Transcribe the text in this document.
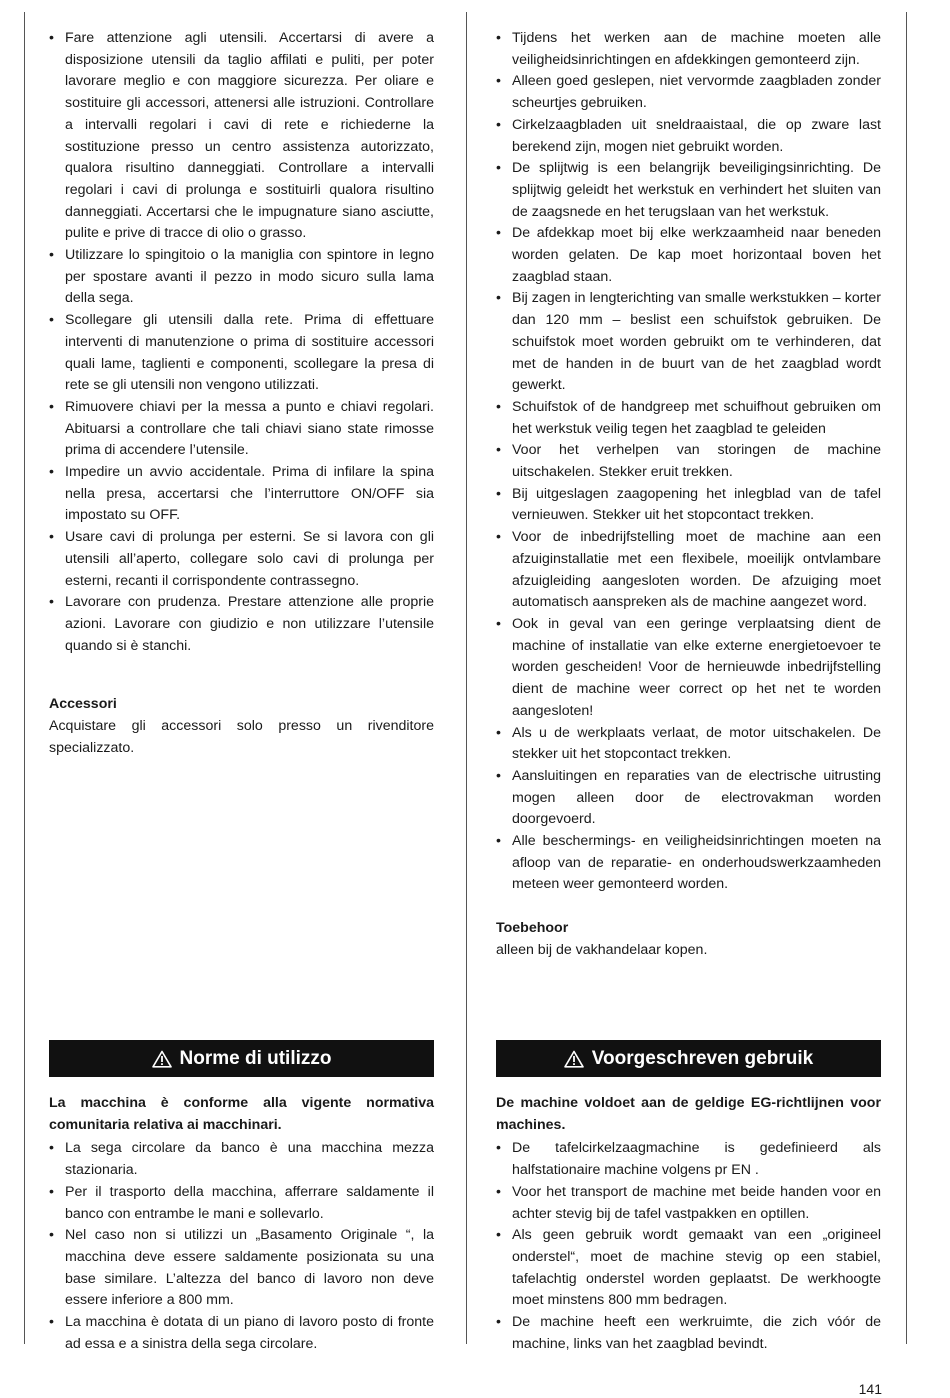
• Fare attenzione agli utensili. Accertarsi di avere a disposizione utensili da taglio affilati e puliti, per poter lavorare meglio e con maggiore sicurezza. Per oliare e sostituire gli accessori, attenersi alle istruzioni. Controllare a intervalli regolari i cavi di rete e richiederne la sostituzione presso un centro assistenza autorizzato, qualora risultino danneggiati. Controllare a intervalli regolari i cavi di prolunga e sostituirli qualora risultino danneggiati. Accertarsi che le impugnature siano asciutte, pulite e prive di tracce di olio o grasso.
• Utilizzare lo spingitoio o la maniglia con spintore in legno per spostare avanti il pezzo in modo sicuro sulla lama della sega.
• Scollegare gli utensili dalla rete. Prima di effettuare interventi di manutenzione o prima di sostituire accessori quali lame, taglienti e componenti, scollegare la presa di rete se gli utensili non vengono utilizzati.
• Rimuovere chiavi per la messa a punto e chiavi regolari. Abituarsi a controllare che tali chiavi siano state rimosse prima di accendere l’utensile.
• Impedire un avvio accidentale. Prima di infilare la spina nella presa, accertarsi che l’interruttore ON/OFF sia impostato su OFF.
• Usare cavi di prolunga per esterni. Se si lavora con gli utensili all’aperto, collegare solo cavi di prolunga per esterni, recanti il corrispondente contrassegno.
• Lavorare con prudenza. Prestare attenzione alle proprie azioni. Lavorare con giudizio e non utilizzare l’utensile quando si è stanchi.

Accessori

Acquistare gli accessori solo presso un rivenditore specializzato.

• Tijdens het werken aan de machine moeten alle veiligheidsinrichtingen en afdekkingen gemonteerd zijn.
• Alleen goed geslepen, niet vervormde zaagbladen zonder scheurtjes gebruiken.
• Cirkelzaagbladen uit sneldraaistaal, die op zware last berekend zijn, mogen niet gebruikt worden.
• De splijtwig is een belangrijk beveiligingsinrichting. De splijtwig geleidt het werkstuk en verhindert het sluiten van de zaagsnede en het terugslaan van het werkstuk.
• De afdekkap moet bij elke werkzaamheid naar beneden worden gelaten. De kap moet horizontaal boven het zaagblad staan.
• Bij zagen in lengterichting van smalle werkstukken – korter dan 120 mm – beslist een schuifstok gebruiken. De schuifstok moet worden gebruikt om te verhinderen, dat met de handen in de buurt van de het zaagblad wordt gewerkt.
• Schuifstok of de handgreep met schuifhout gebruiken om het werkstuk veilig tegen het zaagblad te geleiden
• Voor het verhelpen van storingen de machine uitschakelen. Stekker eruit trekken.
• Bij uitgeslagen zaagopening het inlegblad van de tafel vernieuwen. Stekker uit het stopcontact trekken.
• Voor de inbedrijfstelling moet de machine aan een afzuiginstallatie met een flexibele, moeilijk ontvlambare afzuigleiding aangesloten worden. De afzuiging moet automatisch aanspreken als de machine aangezet word.
• Ook in geval van een geringe verplaatsing dient de machine of installatie van elke externe energietoevoer te worden gescheiden! Voor de hernieuwde inbedrijfstelling dient de machine weer correct op het net te worden aangesloten!
• Als u de werkplaats verlaat, de motor uitschakelen. De stekker uit het stopcontact trekken.
• Aansluitingen en reparaties van de electrische uitrusting mogen alleen door de electrovakman worden doorgevoerd.
• Alle beschermings- en veiligheidsinrichtingen moeten na afloop van de reparatie- en onderhoudswerkzaamheden meteen weer gemonteerd worden.

Toebehoor

alleen bij de vakhandelaar kopen.

Norme di utilizzo	Voorgeschreven gebruik

La macchina è conforme alla vigente normativa comunitaria relativa ai macchinari.

• La sega circolare da banco è una macchina mezza stazionaria.
• Per il trasporto della macchina, afferrare saldamente il banco con entrambe le mani e sollevarlo.
• Nel caso non si utilizzi un „Basamento Originale “, la macchina deve essere saldamente posizionata su una base similare. L’altezza del banco di lavoro non deve essere inferiore a 800 mm.
• La macchina è dotata di un piano di lavoro posto di fronte ad essa e a sinistra della sega circolare.

De machine voldoet aan de geldige EG-richtlijnen voor machines.

• De tafelcirkelzaagmachine is gedefinieerd als halfstationaire machine volgens pr EN .
• Voor het transport de machine met beide handen voor en achter stevig bij de tafel vastpakken en optillen.
• Als geen gebruik wordt gemaakt van een „origineel onderstel“, moet de machine stevig op een stabiel, tafelachtig onderstel worden geplaatst. De werkhoogte moet minstens 800 mm bedragen.
• De machine heeft een werkruimte, die zich vóór de machine, links van het zaagblad bevindt.
141
